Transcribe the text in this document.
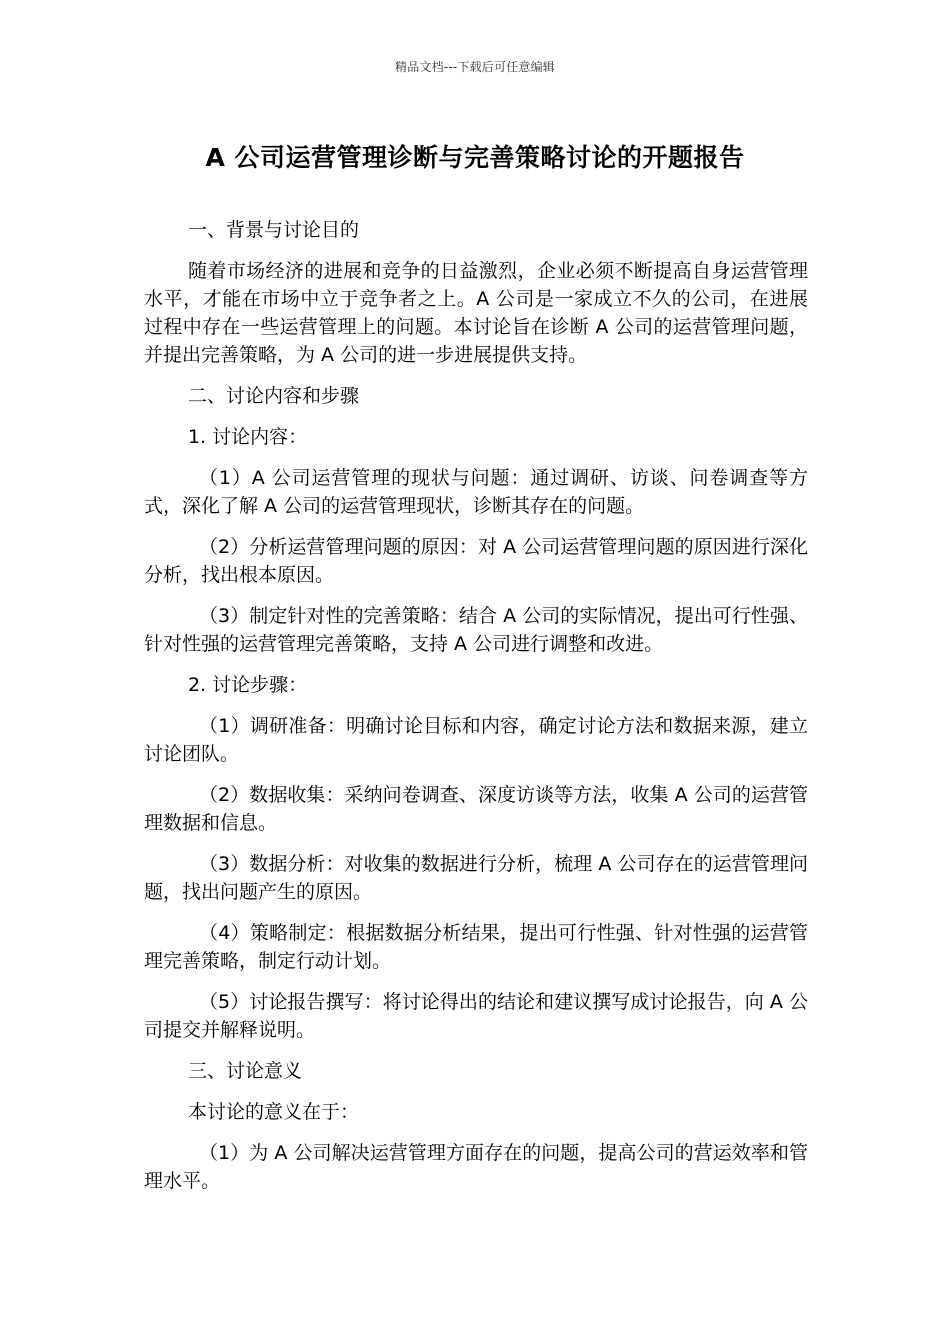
精品文档---下载后可任意编辑
A 公司运营管理诊断与完善策略讨论的开题报告

一、背景与讨论目的

随着市场经济的进展和竞争的日益激烈，企业必须不断提高自身运营管理水平，才能在市场中立于竞争者之上。A 公司是一家成立不久的公司，在进展过程中存在一些运营管理上的问题。本讨论旨在诊断 A 公司的运营管理问题，并提出完善策略，为 A 公司的进一步进展提供支持。

二、讨论内容和步骤

1. 讨论内容：

（1）A 公司运营管理的现状与问题：通过调研、访谈、问卷调查等方式，深化了解 A 公司的运营管理现状，诊断其存在的问题。

（2）分析运营管理问题的原因：对 A 公司运营管理问题的原因进行深化分析，找出根本原因。

（3）制定针对性的完善策略：结合 A 公司的实际情况，提出可行性强、针对性强的运营管理完善策略，支持 A 公司进行调整和改进。

2. 讨论步骤：

（1）调研准备：明确讨论目标和内容，确定讨论方法和数据来源，建立讨论团队。

（2）数据收集：采纳问卷调查、深度访谈等方法，收集 A 公司的运营管理数据和信息。

（3）数据分析：对收集的数据进行分析，梳理 A 公司存在的运营管理问题，找出问题产生的原因。

（4）策略制定：根据数据分析结果，提出可行性强、针对性强的运营管理完善策略，制定行动计划。

（5）讨论报告撰写：将讨论得出的结论和建议撰写成讨论报告，向 A 公司提交并解释说明。

三、讨论意义

本讨论的意义在于：

（1）为 A 公司解决运营管理方面存在的问题，提高公司的营运效率和管理水平。
